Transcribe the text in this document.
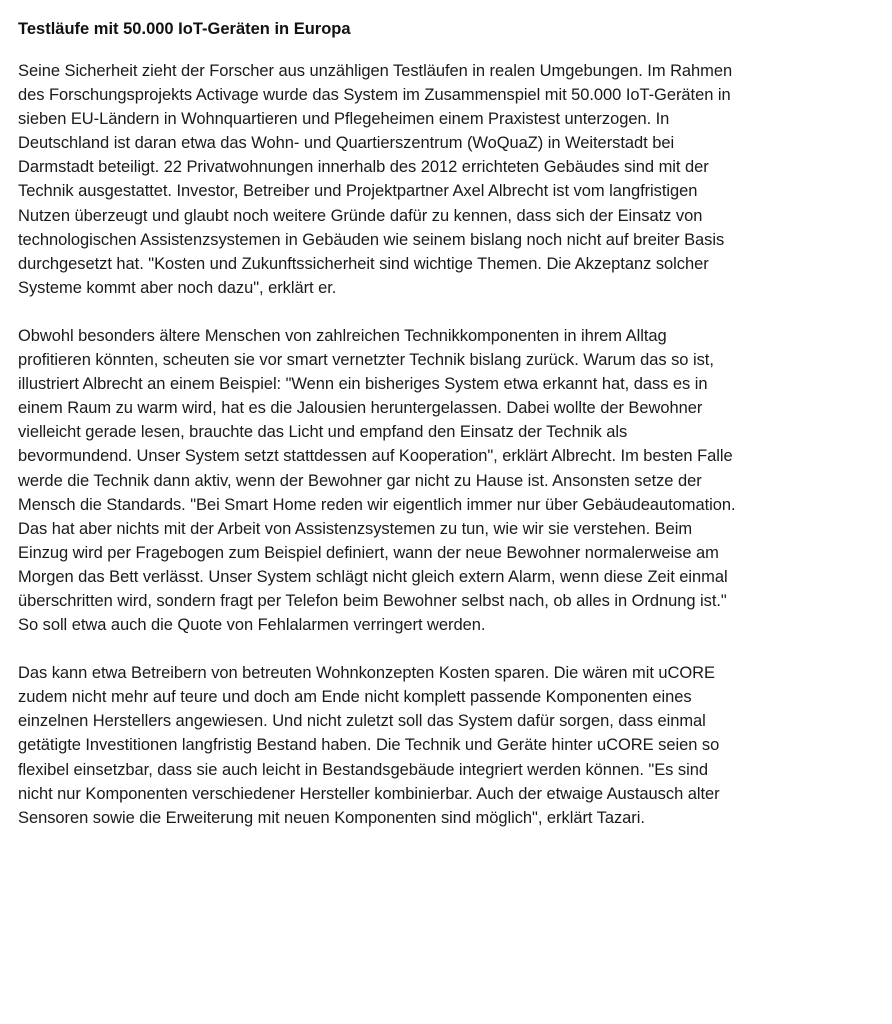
Testläufe mit 50.000 IoT-Geräten in Europa
Seine Sicherheit zieht der Forscher aus unzähligen Testläufen in realen Umgebungen. Im Rahmen
des Forschungsprojekts Activage wurde das System im Zusammenspiel mit 50.000 IoT-Geräten in
sieben EU-Ländern in Wohnquartieren und Pflegeheimen einem Praxistest unterzogen. In
Deutschland ist daran etwa das Wohn- und Quartierszentrum (WoQuaZ) in Weiterstadt bei
Darmstadt beteiligt. 22 Privatwohnungen innerhalb des 2012 errichteten Gebäudes sind mit der
Technik ausgestattet. Investor, Betreiber und Projektpartner Axel Albrecht ist vom langfristigen
Nutzen überzeugt und glaubt noch weitere Gründe dafür zu kennen, dass sich der Einsatz von
technologischen Assistenzsystemen in Gebäuden wie seinem bislang noch nicht auf breiter Basis
durchgesetzt hat. "Kosten und Zukunftssicherheit sind wichtige Themen. Die Akzeptanz solcher
Systeme kommt aber noch dazu", erklärt er.
Obwohl besonders ältere Menschen von zahlreichen Technikkomponenten in ihrem Alltag
profitieren könnten, scheuten sie vor smart vernetzter Technik bislang zurück. Warum das so ist,
illustriert Albrecht an einem Beispiel: "Wenn ein bisheriges System etwa erkannt hat, dass es in
einem Raum zu warm wird, hat es die Jalousien heruntergelassen. Dabei wollte der Bewohner
vielleicht gerade lesen, brauchte das Licht und empfand den Einsatz der Technik als
bevormundend. Unser System setzt stattdessen auf Kooperation", erklärt Albrecht. Im besten Falle
werde die Technik dann aktiv, wenn der Bewohner gar nicht zu Hause ist. Ansonsten setze der
Mensch die Standards. "Bei Smart Home reden wir eigentlich immer nur über Gebäudeautomation.
Das hat aber nichts mit der Arbeit von Assistenzsystemen zu tun, wie wir sie verstehen. Beim
Einzug wird per Fragebogen zum Beispiel definiert, wann der neue Bewohner normalerweise am
Morgen das Bett verlässt. Unser System schlägt nicht gleich extern Alarm, wenn diese Zeit einmal
überschritten wird, sondern fragt per Telefon beim Bewohner selbst nach, ob alles in Ordnung ist."
So soll etwa auch die Quote von Fehlalarmen verringert werden.
Das kann etwa Betreibern von betreuten Wohnkonzepten Kosten sparen. Die wären mit uCORE
zudem nicht mehr auf teure und doch am Ende nicht komplett passende Komponenten eines
einzelnen Herstellers angewiesen. Und nicht zuletzt soll das System dafür sorgen, dass einmal
getätigte Investitionen langfristig Bestand haben. Die Technik und Geräte hinter uCORE seien so
flexibel einsetzbar, dass sie auch leicht in Bestandsgebäude integriert werden können. "Es sind
nicht nur Komponenten verschiedener Hersteller kombinierbar. Auch der etwaige Austausch alter
Sensoren sowie die Erweiterung mit neuen Komponenten sind möglich", erklärt Tazari.
